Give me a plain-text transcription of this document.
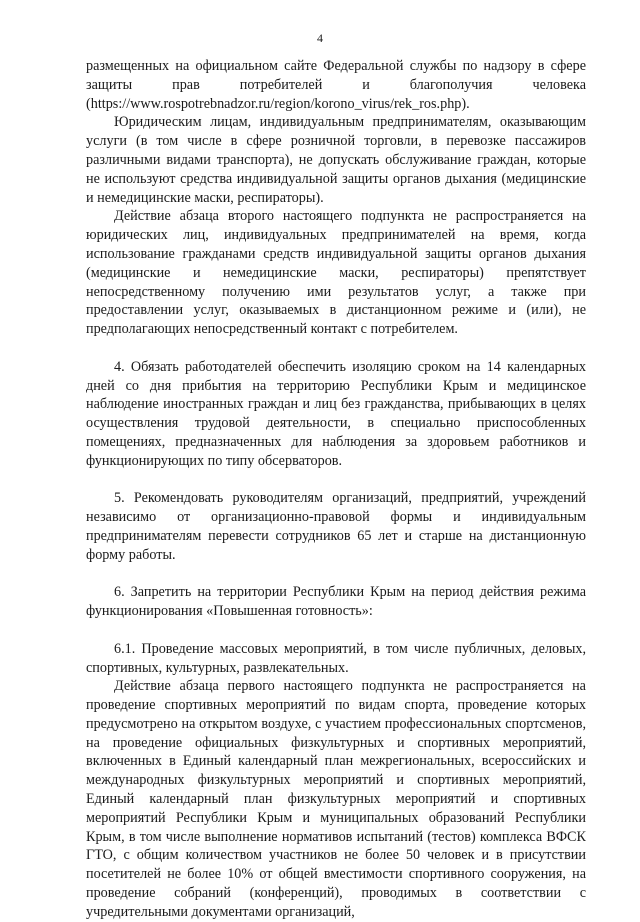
4

размещенных на официальном сайте Федеральной службы по надзору в сфере защиты прав потребителей и благополучия человека (https://www.rospotrebnadzor.ru/region/korono_virus/rek_ros.php).

Юридическим лицам, индивидуальным предпринимателям, оказывающим услуги (в том числе в сфере розничной торговли, в перевозке пассажиров различными видами транспорта), не допускать обслуживание граждан, которые не используют средства индивидуальной защиты органов дыхания (медицинские и немедицинские маски, респираторы).

Действие абзаца второго настоящего подпункта не распространяется на юридических лиц, индивидуальных предпринимателей на время, когда использование гражданами средств индивидуальной защиты органов дыхания (медицинские и немедицинские маски, респираторы) препятствует непосредственному получению ими результатов услуг, а также при предоставлении услуг, оказываемых в дистанционном режиме и (или), не предполагающих непосредственный контакт с потребителем.

4. Обязать работодателей обеспечить изоляцию сроком на 14 календарных дней со дня прибытия на территорию Республики Крым и медицинское наблюдение иностранных граждан и лиц без гражданства, прибывающих в целях осуществления трудовой деятельности, в специально приспособленных помещениях, предназначенных для наблюдения за здоровьем работников и функционирующих по типу обсерваторов.

5. Рекомендовать руководителям организаций, предприятий, учреждений независимо от организационно-правовой формы и индивидуальным предпринимателям перевести сотрудников 65 лет и старше на дистанционную форму работы.

6. Запретить на территории Республики Крым на период действия режима функционирования «Повышенная готовность»:

6.1. Проведение массовых мероприятий, в том числе публичных, деловых, спортивных, культурных, развлекательных.

Действие абзаца первого настоящего подпункта не распространяется на проведение спортивных мероприятий по видам спорта, проведение которых предусмотрено на открытом воздухе, с участием профессиональных спортсменов, на проведение официальных физкультурных и спортивных мероприятий, включенных в Единый календарный план межрегиональных, всероссийских и международных физкультурных мероприятий и спортивных мероприятий, Единый календарный план физкультурных мероприятий и спортивных мероприятий Республики Крым и муниципальных образований Республики Крым, в том числе выполнение нормативов испытаний (тестов) комплекса ВФСК ГТО, с общим количеством участников не более 50 человек и в присутствии посетителей не более 10% от общей вместимости спортивного сооружения, на проведение собраний (конференций), проводимых в соответствии с учредительными документами организаций,
